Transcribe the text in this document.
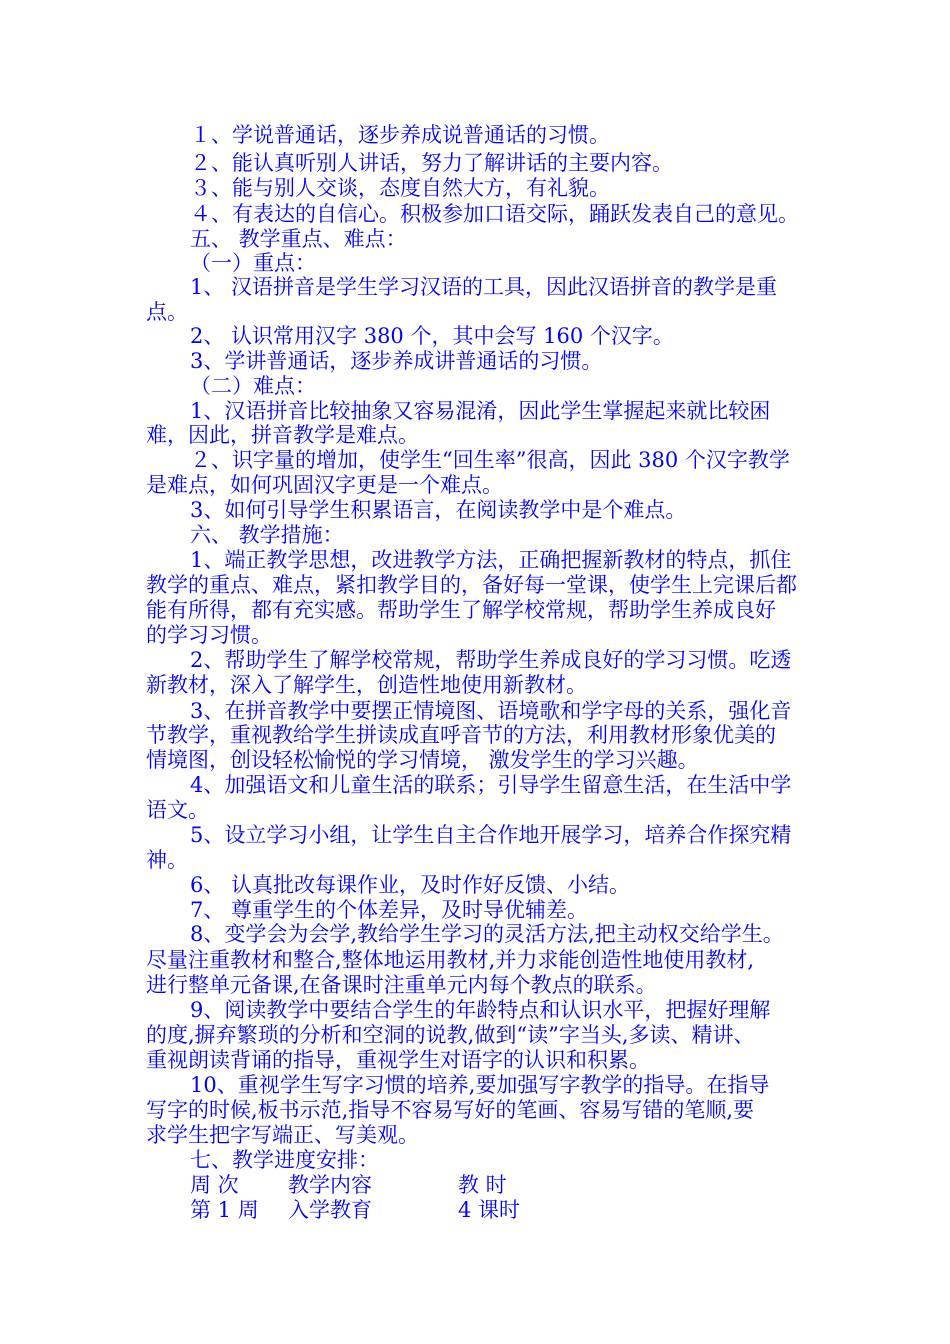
１、学说普通话，逐步养成说普通话的习惯。
２、能认真听别人讲话，努力了解讲话的主要内容。
３、能与别人交谈，态度自然大方，有礼貌。
４、有表达的自信心。积极参加口语交际，踊跃发表自己的意见。
五、 教学重点、难点：
（一）重点：
1、 汉语拼音是学生学习汉语的工具，因此汉语拼音的教学是重
点。
2、 认识常用汉字 380 个，其中会写 160 个汉字。
3、学讲普通话，逐步养成讲普通话的习惯。
（二）难点：
1、汉语拼音比较抽象又容易混淆，因此学生掌握起来就比较困
难，因此，拼音教学是难点。
２、识字量的增加，使学生“回生率”很高，因此 380 个汉字教学
是难点，如何巩固汉字更是一个难点。
3、如何引导学生积累语言，在阅读教学中是个难点。
六、 教学措施：
1、端正教学思想，改进教学方法，正确把握新教材的特点，抓住
教学的重点、难点，紧扣教学目的，备好每一堂课，使学生上完课后都
能有所得，都有充实感。帮助学生了解学校常规，帮助学生养成良好
的学习习惯。
2、帮助学生了解学校常规，帮助学生养成良好的学习习惯。吃透
新教材，深入了解学生，创造性地使用新教材。
3、在拼音教学中要摆正情境图、语境歌和学字母的关系，强化音
节教学，重视教给学生拼读成直呼音节的方法，利用教材形象优美的
情境图，创设轻松愉悦的学习情境， 激发学生的学习兴趣。
4、加强语文和儿童生活的联系；引导学生留意生活，在生活中学
语文。
5、设立学习小组，让学生自主合作地开展学习，培养合作探究精
神。
6、 认真批改每课作业，及时作好反馈、小结。
7、 尊重学生的个体差异，及时导优辅差。
8、变学会为会学,教给学生学习的灵活方法,把主动权交给学生。
尽量注重教材和整合,整体地运用教材,并力求能创造性地使用教材,
进行整单元备课,在备课时注重单元内每个教点的联系。
9、阅读教学中要结合学生的年龄特点和认识水平，把握好理解
的度,摒弃繁琐的分析和空洞的说教,做到“读”字当头,多读、精讲、
重视朗读背诵的指导，重视学生对语字的认识和积累。
10、重视学生写字习惯的培养,要加强写字教学的指导。在指导
写字的时候,板书示范,指导不容易写好的笔画、容易写错的笔顺,要
求学生把字写端正、写美观。
七、教学进度安排：
周 次 教学内容	教 时
第 1 周 入学教育	4 课时
